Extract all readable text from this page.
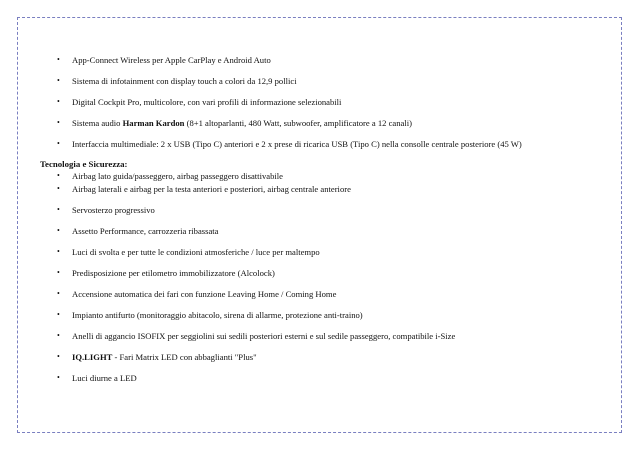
• App-Connect Wireless per Apple CarPlay e Android Auto
• Sistema di infotainment con display touch a colori da 12,9 pollici
• Digital Cockpit Pro, multicolore, con vari profili di informazione selezionabili
• Sistema audio Harman Kardon (8+1 altoparlanti, 480 Watt, subwoofer, amplificatore a 12 canali)
• Interfaccia multimediale: 2 x USB (Tipo C) anteriori e 2 x prese di ricarica USB (Tipo C) nella consolle centrale posteriore (45 W)
Tecnologia e Sicurezza:
• Airbag lato guida/passeggero, airbag passeggero disattivabile
• Airbag laterali e airbag per la testa anteriori e posteriori, airbag centrale anteriore
• Servosterzo progressivo
• Assetto Performance, carrozzeria ribassata
• Luci di svolta e per tutte le condizioni atmosferiche / luce per maltempo
• Predisposizione per etilometro immobilizzatore (Alcolock)
• Accensione automatica dei fari con funzione Leaving Home / Coming Home
• Impianto antifurto (monitoraggio abitacolo, sirena di allarme, protezione anti-traino)
• Anelli di aggancio ISOFIX per seggiolini sui sedili posteriori esterni e sul sedile passeggero, compatibile i-Size
• IQ.LIGHT - Fari Matrix LED con abbaglianti "Plus"
• Luci diurne a LED
